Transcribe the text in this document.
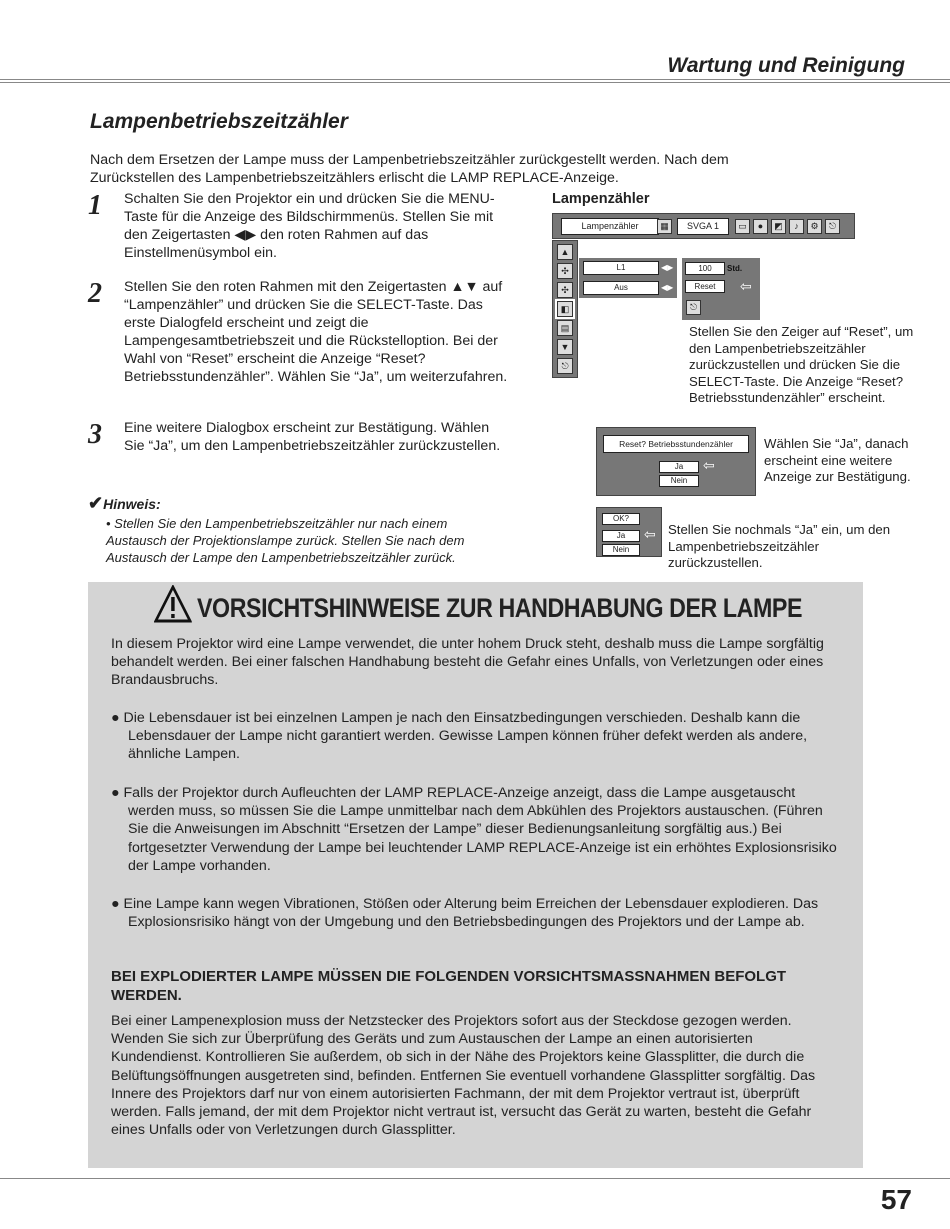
Wartung und Reinigung
Lampenbetriebszeitzähler
Nach dem Ersetzen der Lampe muss der Lampenbetriebszeitzähler zurückgestellt werden. Nach dem Zurückstellen des Lampenbetriebszeitzählers erlischt die LAMP REPLACE-Anzeige.
1 Schalten Sie den Projektor ein und drücken Sie die MENU-Taste für die Anzeige des Bildschirmmenüs. Stellen Sie mit den Zeigertasten ◀▶ den roten Rahmen auf das Einstellmenüsymbol ein.
2 Stellen Sie den roten Rahmen mit den Zeigertasten ▲▼ auf “Lampenzähler” und drücken Sie die SELECT-Taste. Das erste Dialogfeld erscheint und zeigt die Lampengesamtbetriebszeit und die Rückstelloption. Bei der Wahl von “Reset” erscheint die Anzeige “Reset? Betriebsstundenzähler”. Wählen Sie “Ja”, um weiterzufahren.
3 Eine weitere Dialogbox erscheint zur Bestätigung. Wählen Sie “Ja”, um den Lampenbetriebszeitzähler zurückzustellen.
✔Hinweis:
• Stellen Sie den Lampenbetriebszeitzähler nur nach einem Austausch der Projektionslampe zurück. Stellen Sie nach dem Austausch der Lampe den Lampenbetriebszeitzähler zurück.
Lampenzähler
Lampenzähler	▦	SVGA 1	▭	●	◩	♪	⚙	⎋
▲
✣
✣
◧
▤
▼
⎋
L1	◀▶
Aus	◀▶
100	Std.
Reset
⎋
⇦
Stellen Sie den Zeiger auf “Reset”, um den Lampenbetriebszeitzähler zurückzustellen und drücken Sie die SELECT-Taste. Die Anzeige “Reset? Betriebsstundenzähler” erscheint.
Reset? Betriebsstundenzähler
Ja
Nein
⇦
Wählen Sie “Ja”, danach erscheint eine weitere Anzeige zur Bestätigung.
OK?
Ja
Nein
⇦ Stellen Sie nochmals “Ja” ein, um den Lampenbetriebszeitzähler zurückzustellen.
VORSICHTSHINWEISE ZUR HANDHABUNG DER LAMPE
In diesem Projektor wird eine Lampe verwendet, die unter hohem Druck steht, deshalb muss die Lampe sorgfältig behandelt werden. Bei einer falschen Handhabung besteht die Gefahr eines Unfalls, von Verletzungen oder eines Brandausbruchs.
● Die Lebensdauer ist bei einzelnen Lampen je nach den Einsatzbedingungen verschieden. Deshalb kann die Lebensdauer der Lampe nicht garantiert werden. Gewisse Lampen können früher defekt werden als andere, ähnliche Lampen.
● Falls der Projektor durch Aufleuchten der LAMP REPLACE-Anzeige anzeigt, dass die Lampe ausgetauscht werden muss, so müssen Sie die Lampe unmittelbar nach dem Abkühlen des Projektors austauschen. (Führen Sie die Anweisungen im Abschnitt “Ersetzen der Lampe” dieser Bedienungsanleitung sorgfältig aus.) Bei fortgesetzter Verwendung der Lampe bei leuchtender LAMP REPLACE-Anzeige ist ein erhöhtes Explosionsrisiko der Lampe vorhanden.
● Eine Lampe kann wegen Vibrationen, Stößen oder Alterung beim Erreichen der Lebensdauer explodieren. Das Explosionsrisiko hängt von der Umgebung und den Betriebsbedingungen des Projektors und der Lampe ab.
BEI EXPLODIERTER LAMPE MÜSSEN DIE FOLGENDEN VORSICHTSMASSNAHMEN BEFOLGT WERDEN.
Bei einer Lampenexplosion muss der Netzstecker des Projektors sofort aus der Steckdose gezogen werden. Wenden Sie sich zur Überprüfung des Geräts und zum Austauschen der Lampe an einen autorisierten Kundendienst. Kontrollieren Sie außerdem, ob sich in der Nähe des Projektors keine Glassplitter, die durch die Belüftungsöffnungen ausgetreten sind, befinden. Entfernen Sie eventuell vorhandene Glassplitter sorgfältig. Das Innere des Projektors darf nur von einem autorisierten Fachmann, der mit dem Projektor vertraut ist, überprüft werden. Falls jemand, der mit dem Projektor nicht vertraut ist, versucht das Gerät zu warten, besteht die Gefahr eines Unfalls oder von Verletzungen durch Glassplitter.
57
